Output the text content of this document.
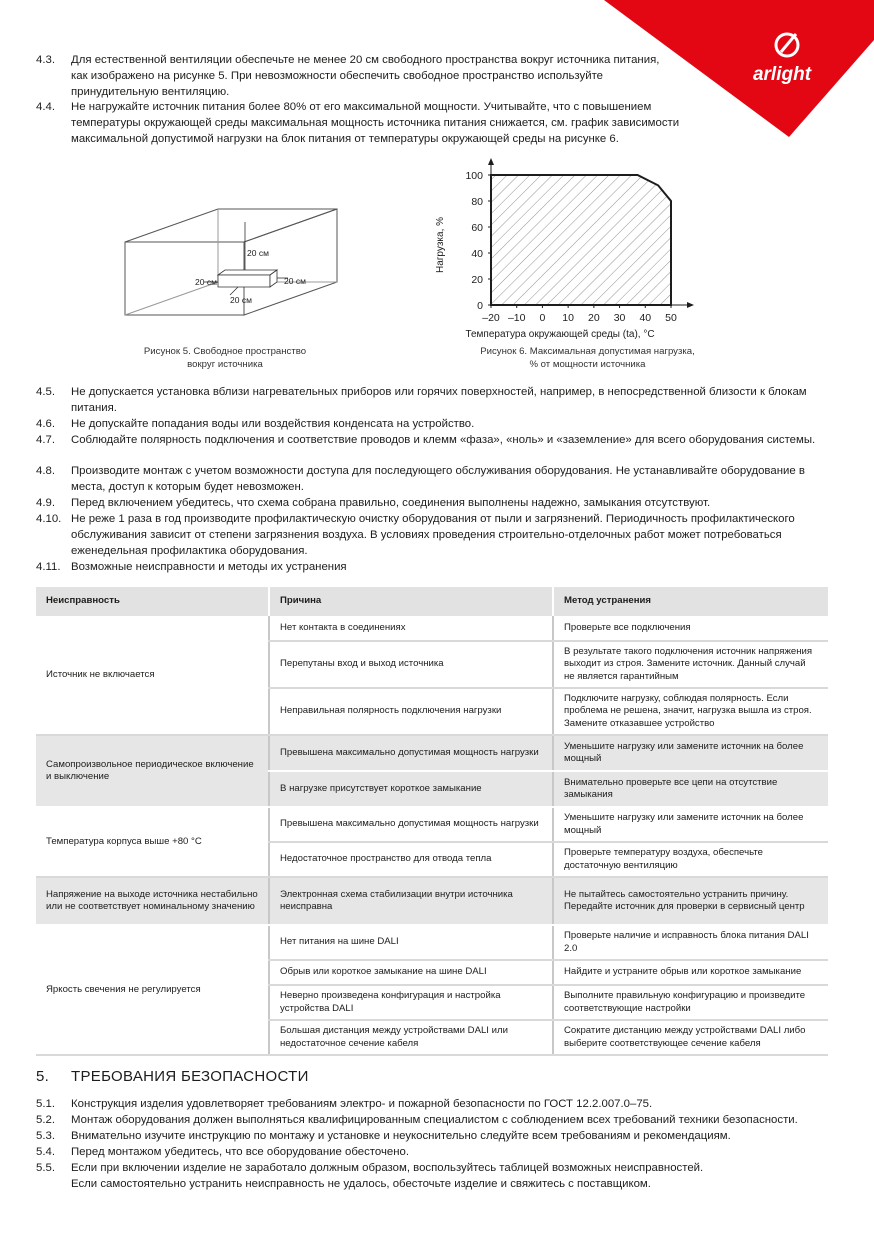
arlight
4.3. Для естественной вентиляции обеспечьте не менее 20 см свободного пространства вокруг источника питания, как изображено на рисунке 5. При невозможности обеспечить свободное пространство используйте принудительную вентиляцию.
4.4. Не нагружайте источник питания более 80% от его максимальной мощности. Учитывайте, что с повышением температуры окружающей среды максимальная мощность источника питания снижается, см. график зависимости максимальной допустимой нагрузки на блок питания от температуры окружающей среды на рисунке 6.
20 см
20 см	20 см
20 см
Рисунок 5. Свободное пространство
вокруг источника
0
20
40
60
80
100
–20 –10 0 10 20 30 40 50
Температура окружающей среды (ta), °C
Нагрузка, %
Рисунок 6. Максимальная допустимая нагрузка,
% от мощности источника
4.5. Не допускается установка вблизи нагревательных приборов или горячих поверхностей, например, в непосредственной близости к блокам питания.
4.6. Не допускайте попадания воды или воздействия конденсата на устройство.
4.7. Соблюдайте полярность подключения и соответствие проводов и клемм «фаза», «ноль» и «заземление» для всего оборудования системы.
4.8. Производите монтаж с учетом возможности доступа для последующего обслуживания оборудования. Не устанавливайте оборудование в места, доступ к которым будет невозможен.
4.9. Перед включением убедитесь, что схема собрана правильно, соединения выполнены надежно, замыкания отсутствуют.
4.10. Не реже 1 раза в год производите профилактическую очистку оборудования от пыли и загрязнений. Периодичность профилактического обслуживания зависит от степени загрязнения воздуха. В условиях проведения строительно-отделочных работ может потребоваться еженедельная профилактика оборудования.
4.11. Возможные неисправности и методы их устранения
Неисправность	Причина	Метод устранения
Источник не включается	Нет контакта в соединениях	Проверьте все подключения
	Перепутаны вход и выход источника	В результате такого подключения источник напряжения выходит из строя. Замените источник. Данный случай не является гарантийным
	Неправильная полярность подключения нагрузки	Подключите нагрузку, соблюдая полярность. Если проблема не решена, значит, нагрузка вышла из строя. Замените отказавшее устройство
Самопроизвольное периодическое включение и выключение	Превышена максимально допустимая мощность нагрузки	Уменьшите нагрузку или замените источник на более мощный
	В нагрузке присутствует короткое замыкание	Внимательно проверьте все цепи на отсутствие замыкания
Температура корпуса выше +80 °С	Превышена максимально допустимая мощность нагрузки	Уменьшите нагрузку или замените источник на более мощный
	Недостаточное пространство для отвода тепла	Проверьте температуру воздуха, обеспечьте достаточную вентиляцию
Напряжение на выходе источника нестабильно или не соответствует номинальному значению	Электронная схема стабилизации внутри источника неисправна	Не пытайтесь самостоятельно устранить причину. Передайте источник для проверки в сервисный центр
Яркость свечения не регулируется	Нет питания на шине DALI	Проверьте наличие и исправность блока питания DALI 2.0
	Обрыв или короткое замыкание на шине DALI	Найдите и устраните обрыв или короткое замыкание
	Неверно произведена конфигурация и настройка устройства DALI	Выполните правильную конфигурацию и произведите соответствующие настройки
	Большая дистанция между устройствами DALI или недостаточное сечение кабеля	Сократите дистанцию между устройствами DALI либо выберите соответствующее сечение кабеля
5. ТРЕБОВАНИЯ БЕЗОПАСНОСТИ
5.1. Конструкция изделия удовлетворяет требованиям электро- и пожарной безопасности по ГОСТ 12.2.007.0–75.
5.2. Монтаж оборудования должен выполняться квалифицированным специалистом с соблюдением всех требований техники безопасности.
5.3. Внимательно изучите инструкцию по монтажу и установке и неукоснительно следуйте всем требованиям и рекомендациям.
5.4. Перед монтажом убедитесь, что все оборудование обесточено.
5.5. Если при включении изделие не заработало должным образом, воспользуйтесь таблицей возможных неисправностей. Если самостоятельно устранить неисправность не удалось, обесточьте изделие и свяжитесь с поставщиком.
